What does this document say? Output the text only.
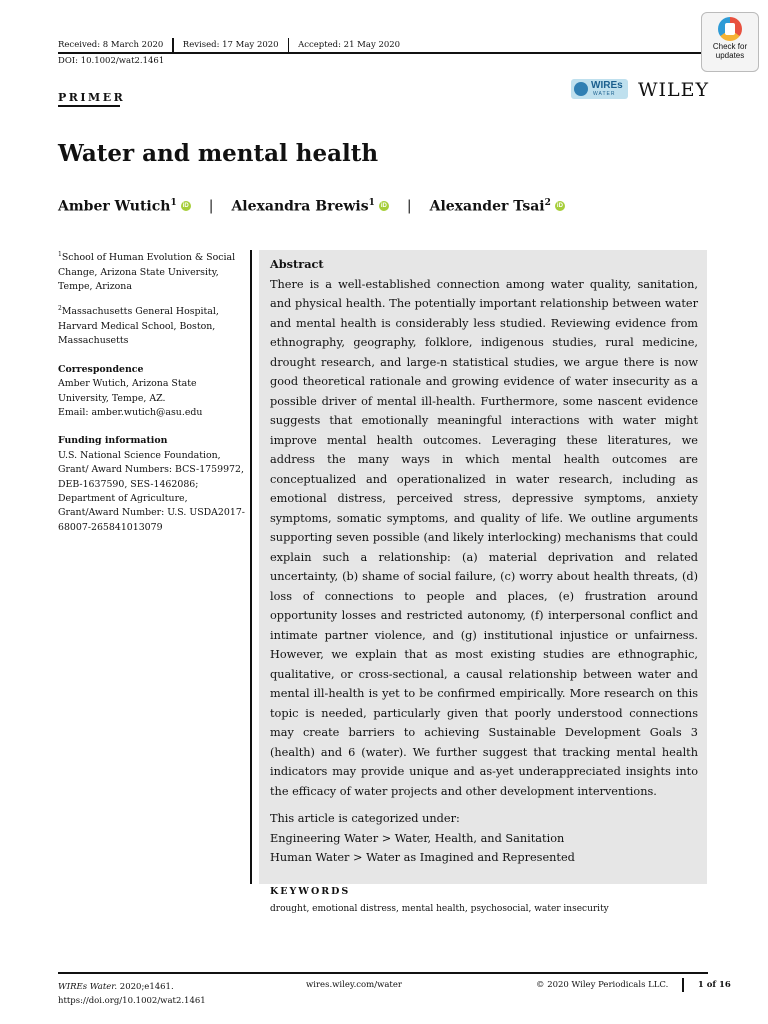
Received: 8 March 2020	Revised: 17 May 2020	Accepted: 21 May 2020
DOI: 10.1002/wat2.1461
Check for
updates
WIREs
WATER WILEY
PRIMER
Water and mental health
Amber Wutich$^1$	iD | Alexandra Brewis$^1$	iD | Alexander Tsai$^2$	iD

$^1$School of Human Evolution & Social Change, Arizona State University, Tempe, Arizona

$^2$Massachusetts General Hospital, Harvard Medical School, Boston, Massachusetts

Correspondence
Amber Wutich, Arizona State University, Tempe, AZ.
Email: amber.wutich@asu.edu

Funding information
U.S. National Science Foundation, Grant/ Award Numbers: BCS-1759972, DEB-1637590, SES-1462086; Department of Agriculture, Grant/Award Number: U.S. USDA2017-68007-265841013079

Abstract

There is a well-established connection among water quality, sanitation, and physical health. The potentially important relationship between water and mental health is considerably less studied. Reviewing evidence from ethnography, geography, folklore, indigenous studies, rural medicine, drought research, and large-n statistical studies, we argue there is now good theoretical rationale and growing evidence of water insecurity as a possible driver of mental ill-health. Furthermore, some nascent evidence suggests that emotionally meaningful interactions with water might improve mental health outcomes. Leveraging these literatures, we address the many ways in which mental health outcomes are conceptualized and operationalized in water research, including as emotional distress, perceived stress, depressive symptoms, anxiety symptoms, somatic symptoms, and quality of life. We outline arguments supporting seven possible (and likely interlocking) mechanisms that could explain such a relationship: (a) material deprivation and related uncertainty, (b) shame of social failure, (c) worry about health threats, (d) loss of connections to people and places, (e) frustration around opportunity losses and restricted autonomy, (f) interpersonal conflict and intimate partner violence, and (g) institutional injustice or unfairness. However, we explain that as most existing studies are ethnographic, qualitative, or cross-sectional, a causal relationship between water and mental ill-health is yet to be confirmed empirically. More research on this topic is needed, particularly given that poorly understood connections may create barriers to achieving Sustainable Development Goals 3 (health) and 6 (water). We further suggest that tracking mental health indicators may provide unique and as-yet underappreciated insights into the efficacy of water projects and other development interventions.

This article is categorized under:

Engineering Water > Water, Health, and Sanitation

Human Water > Water as Imagined and Represented

KEYWORDS

drought, emotional distress, mental health, psychosocial, water insecurity

WIREs Water. 2020;e1461.
https://doi.org/10.1002/wat2.1461
wires.wiley.com/water	© 2020 Wiley Periodicals LLC.	1 of 16
